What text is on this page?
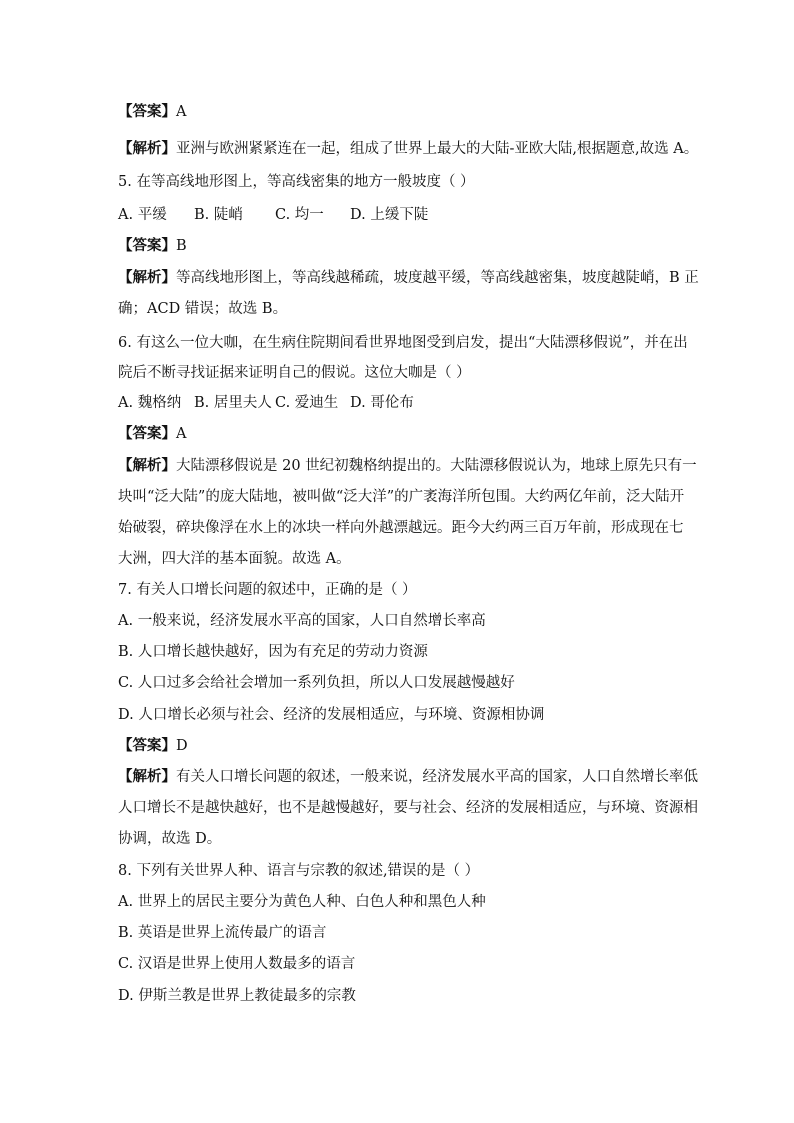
【答案】A
【解析】亚洲与欧洲紧紧连在一起，组成了世界上最大的大陆-亚欧大陆,根据题意,故选 A。
5. 在等高线地形图上，等高线密集的地方一般坡度（ ）
A. 平缓 B. 陡峭 C. 均一 D. 上缓下陡
【答案】B
【解析】等高线地形图上，等高线越稀疏，坡度越平缓，等高线越密集，坡度越陡峭，B 正
确；ACD 错误；故选 B。
6. 有这么一位大咖，在生病住院期间看世界地图受到启发，提出“大陆漂移假说”，并在出
院后不断寻找证据来证明自己的假说。这位大咖是（ ）
A. 魏格纳 B. 居里夫人 C. 爱迪生 D. 哥伦布
【答案】A
【解析】大陆漂移假说是 20 世纪初魏格纳提出的。大陆漂移假说认为，地球上原先只有一
块叫“泛大陆”的庞大陆地，被叫做“泛大洋”的广袤海洋所包围。大约两亿年前，泛大陆开
始破裂，碎块像浮在水上的冰块一样向外越漂越远。距今大约两三百万年前，形成现在七
大洲，四大洋的基本面貌。故选 A。
7. 有关人口增长问题的叙述中，正确的是（ ）
A. 一般来说，经济发展水平高的国家，人口自然增长率高
B. 人口增长越快越好，因为有充足的劳动力资源
C. 人口过多会给社会增加一系列负担，所以人口发展越慢越好
D. 人口增长必须与社会、经济的发展相适应，与环境、资源相协调
【答案】D
【解析】有关人口增长问题的叙述，一般来说，经济发展水平高的国家，人口自然增长率低
人口增长不是越快越好，也不是越慢越好，要与社会、经济的发展相适应，与环境、资源相
协调，故选 D。
8. 下列有关世界人种、语言与宗教的叙述,错误的是（ ）
A. 世界上的居民主要分为黄色人种、白色人种和黑色人种
B. 英语是世界上流传最广的语言
C. 汉语是世界上使用人数最多的语言
D. 伊斯兰教是世界上教徒最多的宗教
